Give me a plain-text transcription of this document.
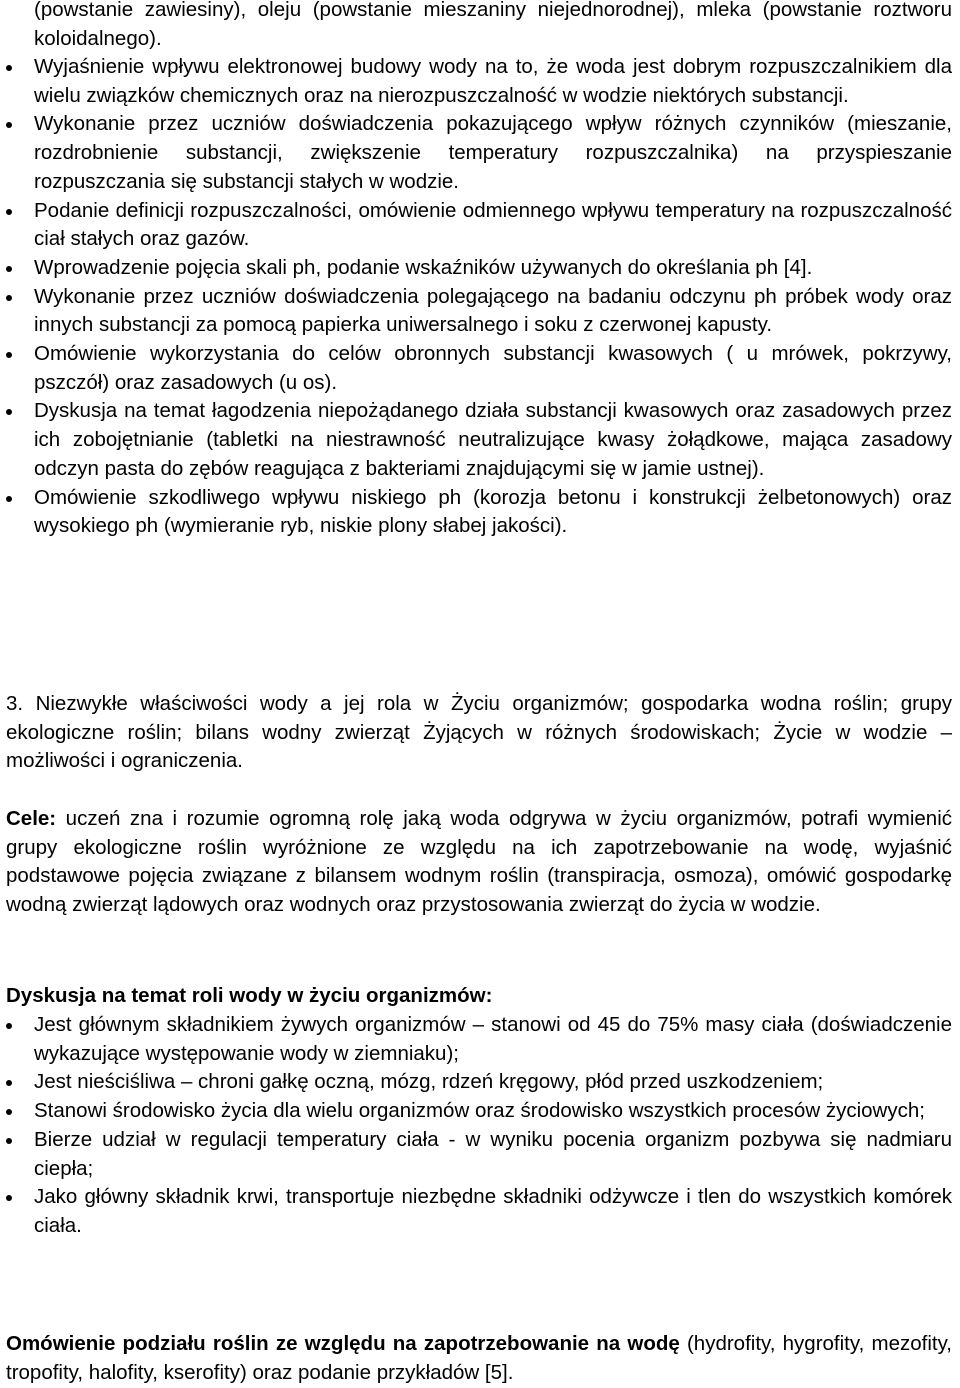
(powstanie zawiesiny), oleju (powstanie mieszaniny niejednorodnej), mleka (powstanie roztworu koloidalnego).

Wyjaśnienie wpływu elektronowej budowy wody na to, że woda jest dobrym rozpuszczalnikiem dla wielu związków chemicznych oraz na nierozpuszczalność w wodzie niektórych substancji.
Wykonanie przez uczniów doświadczenia pokazującego wpływ różnych czynników (mieszanie, rozdrobnienie substancji, zwiększenie temperatury rozpuszczalnika) na przyspieszanie rozpuszczania się substancji stałych w wodzie.
Podanie definicji rozpuszczalności, omówienie odmiennego wpływu temperatury na rozpuszczalność ciał stałych oraz gazów.
Wprowadzenie pojęcia skali ph, podanie wskaźników używanych do określania ph [4].
Wykonanie przez uczniów doświadczenia polegającego na badaniu odczynu ph próbek wody oraz innych substancji za pomocą papierka uniwersalnego i soku z czerwonej kapusty.
Omówienie wykorzystania do celów obronnych substancji kwasowych ( u mrówek, pokrzywy, pszczół) oraz zasadowych (u os).
Dyskusja na temat łagodzenia niepożądanego działa substancji kwasowych oraz zasadowych przez ich zobojętnianie (tabletki na niestrawność neutralizujące kwasy żołądkowe, mająca zasadowy odczyn pasta do zębów reagująca z bakteriami znajdującymi się w jamie ustnej).
Omówienie szkodliwego wpływu niskiego ph (korozja betonu i konstrukcji żelbetonowych) oraz wysokiego ph (wymieranie ryb, niskie plony słabej jakości).

3. Niezwykłe właściwości wody a jej rola w Życiu organizmów; gospodarka wodna roślin; grupy ekologiczne roślin; bilans wodny zwierząt Żyjących w różnych środowiskach; Życie w wodzie – możliwości i ograniczenia.

Cele: uczeń zna i rozumie ogromną rolę jaką woda odgrywa w życiu organizmów, potrafi wymienić grupy ekologiczne roślin wyróżnione ze względu na ich zapotrzebowanie na wodę, wyjaśnić podstawowe pojęcia związane z bilansem wodnym roślin (transpiracja, osmoza), omówić gospodarkę wodną zwierząt lądowych oraz wodnych oraz przystosowania zwierząt do życia w wodzie.

Dyskusja na temat roli wody w życiu organizmów:

Jest głównym składnikiem żywych organizmów – stanowi od 45 do 75% masy ciała (doświadczenie wykazujące występowanie wody w ziemniaku);
Jest nieściśliwa – chroni gałkę oczną, mózg, rdzeń kręgowy, płód przed uszkodzeniem;
Stanowi środowisko życia dla wielu organizmów oraz środowisko wszystkich procesów życiowych;
Bierze udział w regulacji temperatury ciała - w wyniku pocenia organizm pozbywa się nadmiaru ciepła;
Jako główny składnik krwi, transportuje niezbędne składniki odżywcze i tlen do wszystkich komórek ciała.

Omówienie podziału roślin ze względu na zapotrzebowanie na wodę (hydrofity, hygrofity, mezofity, tropofity, halofity, kserofity) oraz podanie przykładów [5].
